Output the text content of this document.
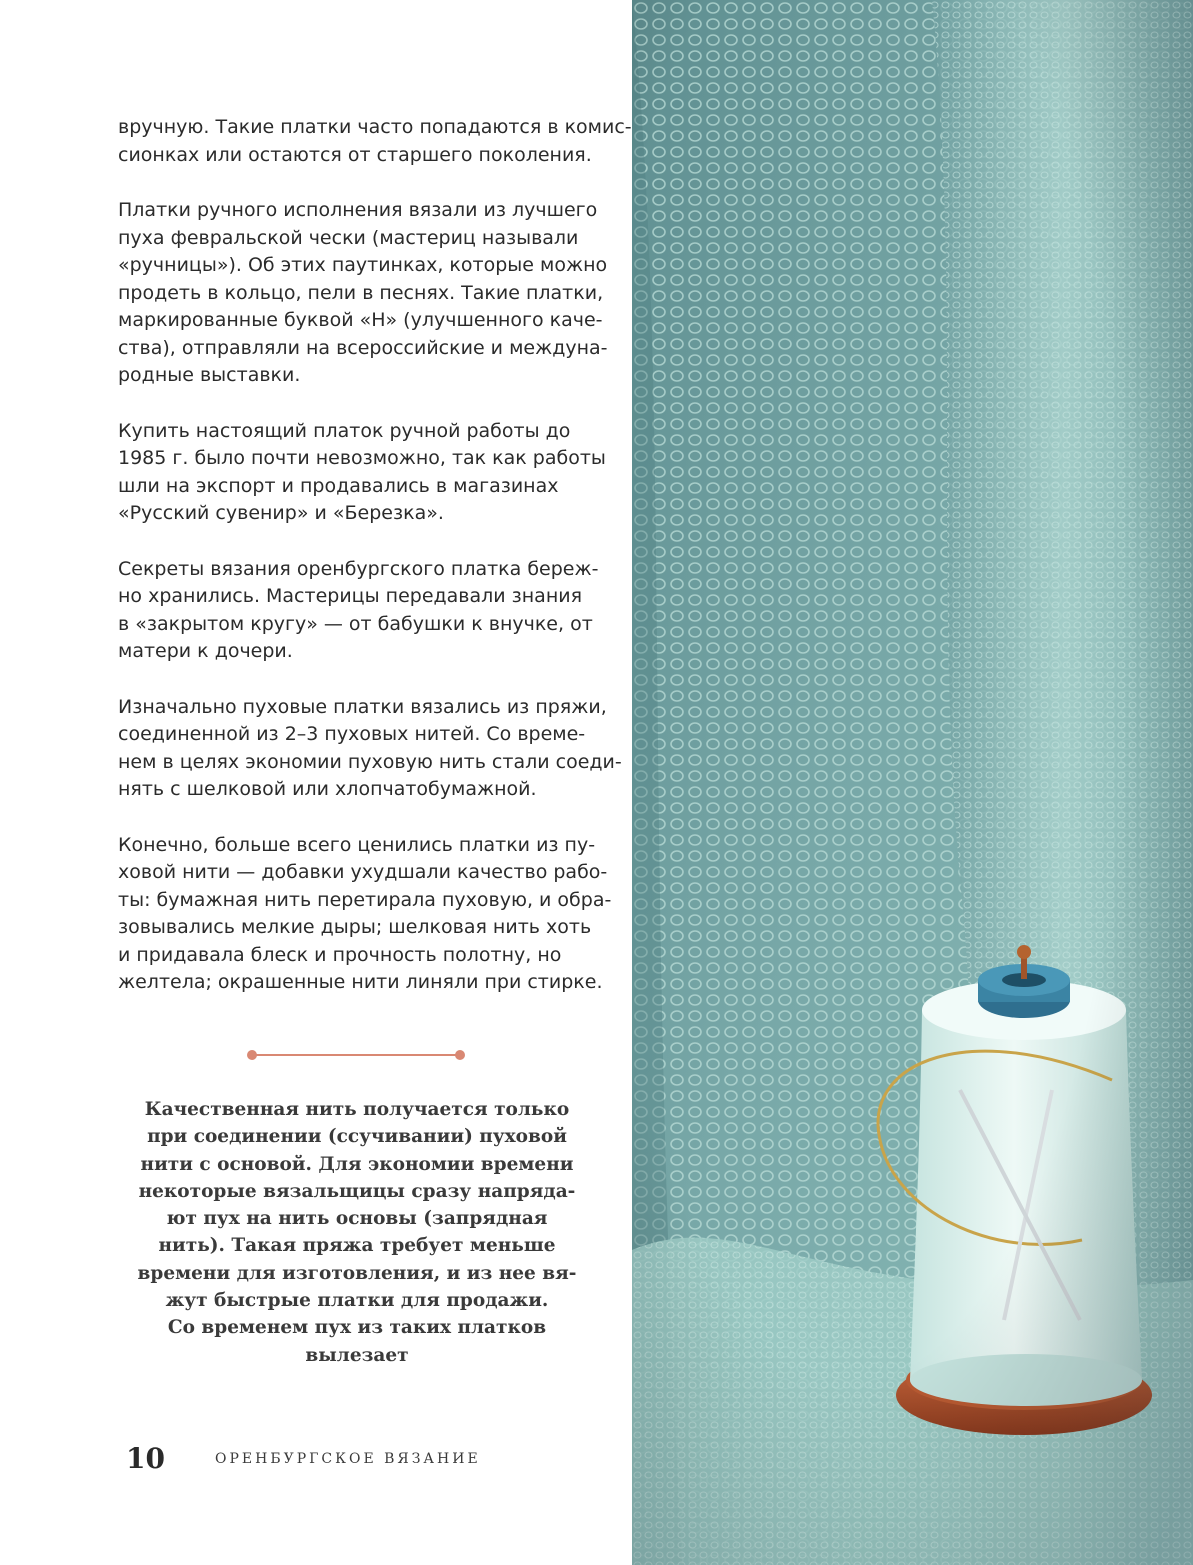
вручную. Такие платки часто попадаются в комис-
сионках или остаются от старшего поколения.

Платки ручного исполнения вязали из лучшего
пуха февральской чески (мастериц называли
«ручницы»). Об этих паутинках, которые можно
продеть в кольцо, пели в песнях. Такие платки,
маркированные буквой «Н» (улучшенного каче-
ства), отправляли на всероссийские и междуна-
родные выставки.

Купить настоящий платок ручной работы до
1985 г. было почти невозможно, так как работы
шли на экспорт и продавались в магазинах
«Русский сувенир» и «Березка».

Секреты вязания оренбургского платка береж-
но хранились. Мастерицы передавали знания
в «закрытом кругу» — от бабушки к внучке, от
матери к дочери.

Изначально пуховые платки вязались из пряжи,
соединенной из 2–3 пуховых нитей. Со време-
нем в целях экономии пуховую нить стали соеди-
нять с шелковой или хлопчатобумажной.

Конечно, больше всего ценились платки из пу-
ховой нити — добавки ухудшали качество рабо-
ты: бумажная нить перетирала пуховую, и обра-
зовывались мелкие дыры; шелковая нить хоть
и придавала блеск и прочность полотну, но
желтела; окрашенные нити линяли при стирке.

Качественная нить получается только
при соединении (ссучивании) пуховой
нити с основой. Для экономии времени
некоторые вязальщицы сразу напряда-
ют пух на нить основы (запрядная
нить). Такая пряжа требует меньше
времени для изготовления, и из нее вя-
жут быстрые платки для продажи.
Со временем пух из таких платков
вылезает
10	ОРЕНБУРГСКОЕ ВЯЗАНИЕ
